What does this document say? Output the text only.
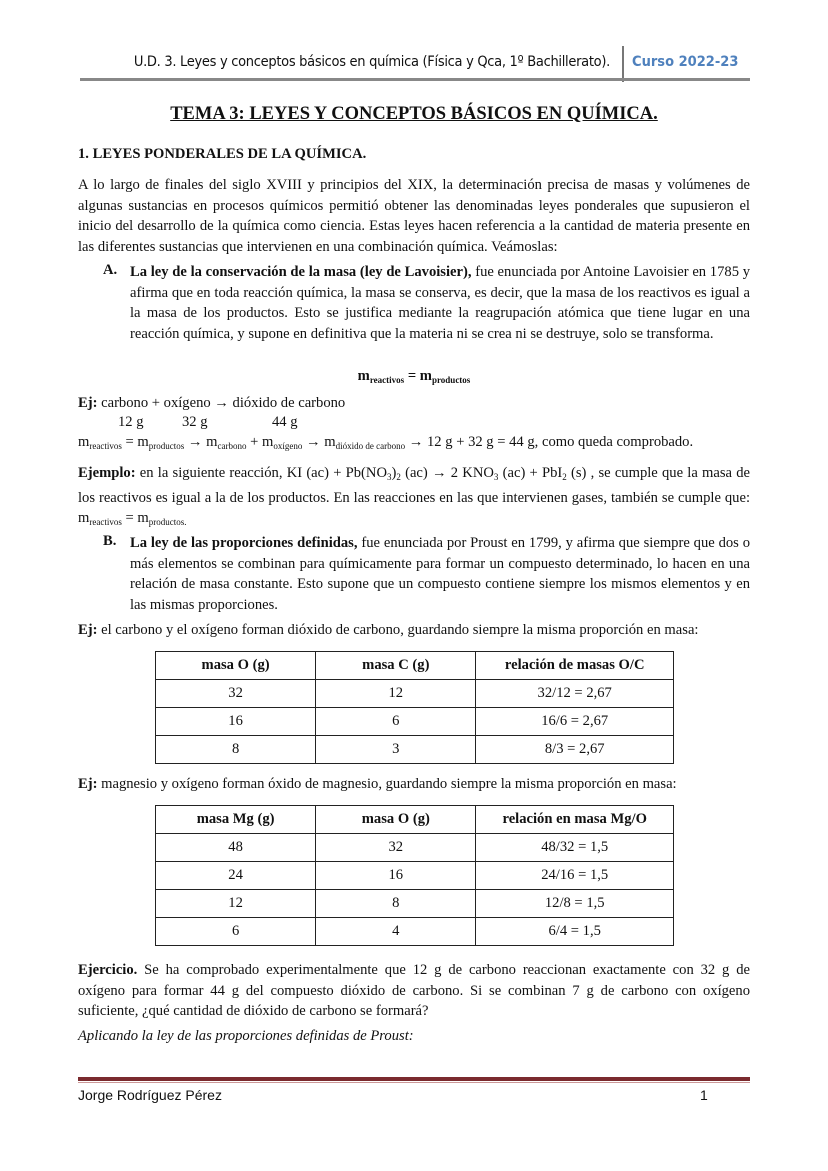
U.D. 3. Leyes y conceptos básicos en química (Física y Qca, 1º Bachillerato). Curso 2022-23
TEMA 3: LEYES Y CONCEPTOS BÁSICOS EN QUÍMICA.
1. LEYES PONDERALES DE LA QUÍMICA.
A lo largo de finales del siglo XVIII y principios del XIX, la determinación precisa de masas y volúmenes de algunas sustancias en procesos químicos permitió obtener las denominadas leyes ponderales que supusieron el inicio del desarrollo de la química como ciencia. Estas leyes hacen referencia a la cantidad de materia presente en las diferentes sustancias que intervienen en una combinación química. Veámoslas:
A. La ley de la conservación de la masa (ley de Lavoisier), fue enunciada por Antoine Lavoisier en 1785 y afirma que en toda reacción química, la masa se conserva, es decir, que la masa de los reactivos es igual a la masa de los productos. Esto se justifica mediante la reagrupación atómica que tiene lugar en una reacción química, y supone en definitiva que la materia ni se crea ni se destruye, solo se transforma.
$m_{reactivos} = m_{productos}$
Ej: carbono + oxígeno → dióxido de carbono
12 g	32 g	44 g
$m_{reactivos} = m_{productos} \to m_{carbono} + m_{oxígeno} \to m_{dióxido de carbono} \to 12$ g + 32 g = 44 g, como queda comprobado.
Ejemplo: en la siguiente reacción, KI $(ac) + Pb(NO_3)_2$ (ac) → 2 $KNO_3$ (ac) + PbI$_2$ (s) , se cumple que la masa de los reactivos es igual a la de los productos. En las reacciones en las que intervienen gases, también se cumple que: $m_{reactivos} = m_{productos.}$
B. La ley de las proporciones definidas, fue enunciada por Proust en 1799, y afirma que siempre que dos o más elementos se combinan para químicamente para formar un compuesto determinado, lo hacen en una relación de masa constante. Esto supone que un compuesto contiene siempre los mismos elementos y en las mismas proporciones.
Ej: el carbono y el oxígeno forman dióxido de carbono, guardando siempre la misma proporción en masa:
masa O (g)	masa C (g)	relación de masas O/C
32	12	32/12 = 2,67
16	6	16/6 = 2,67
8	3	8/3 = 2,67
Ej: magnesio y oxígeno forman óxido de magnesio, guardando siempre la misma proporción en masa:
masa Mg (g)	masa O (g)	relación en masa Mg/O
48	32	48/32 = 1,5
24	16	24/16 = 1,5
12	8	12/8 = 1,5
6	4	6/4 = 1,5
Ejercicio. Se ha comprobado experimentalmente que 12 g de carbono reaccionan exactamente con 32 g de oxígeno para formar 44 g del compuesto dióxido de carbono. Si se combinan 7 g de carbono con oxígeno suficiente, ¿qué cantidad de dióxido de carbono se formará?
Aplicando la ley de las proporciones definidas de Proust:
Jorge Rodríguez Pérez	1
